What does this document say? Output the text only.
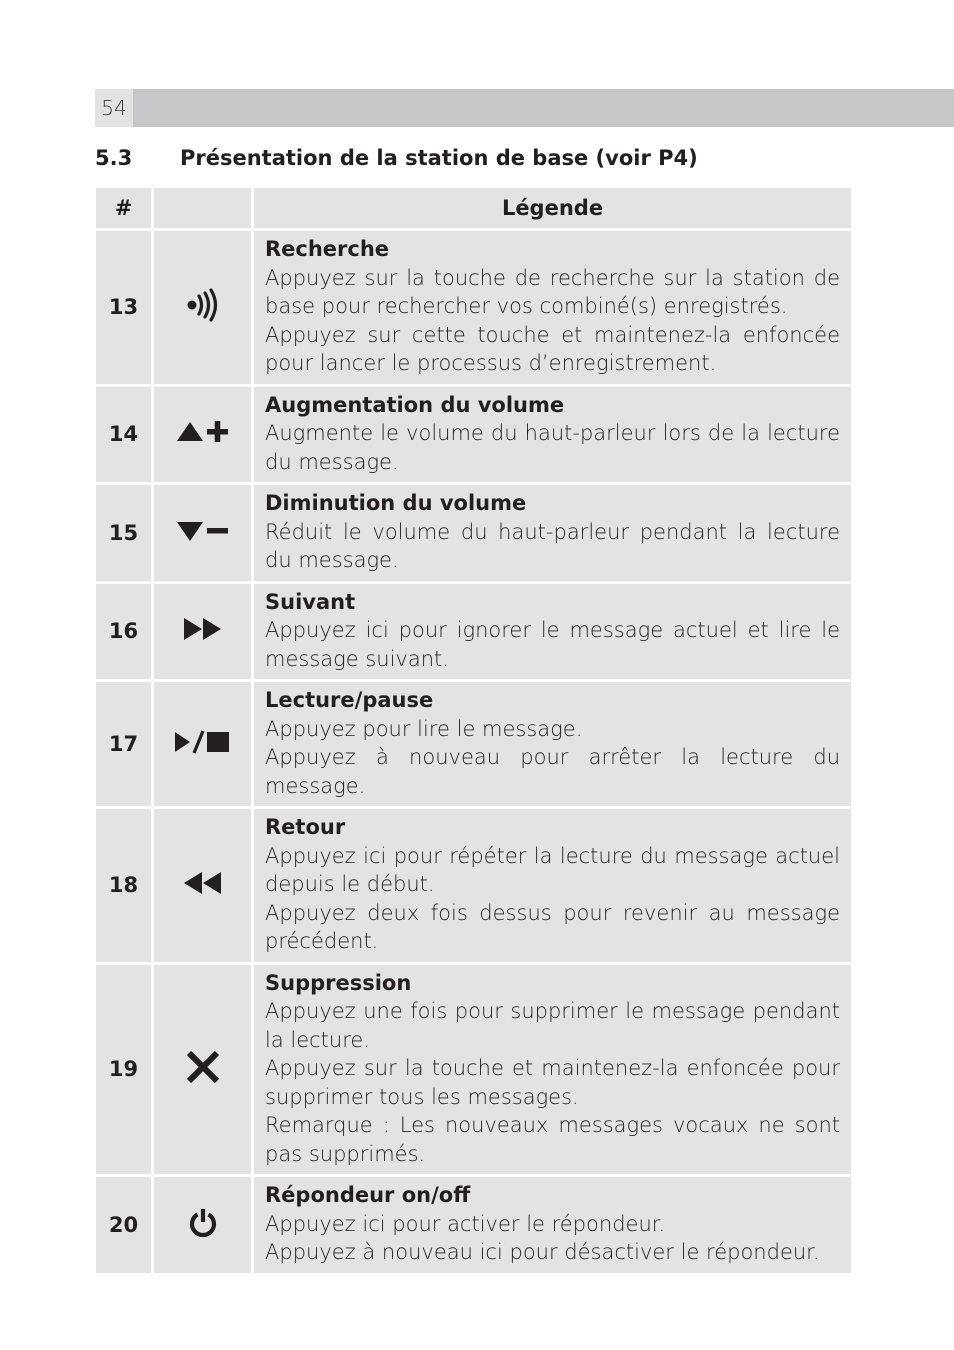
54
5.3 Présentation de la station de base (voir P4)
#		Légende
13		Recherche
Appuyez sur la touche de recherche sur la station de base pour rechercher vos combiné(s) enregistrés.
Appuyez sur cette touche et maintenez-la enfoncée pour lancer le processus d’enregistrement.

14		Augmentation du volume
Augmente le volume du haut-parleur lors de la lecture du message.

15		Diminution du volume
Réduit le volume du haut-parleur pendant la lecture du message.

16		Suivant
Appuyez ici pour ignorer le message actuel et lire le message suivant.

17		Lecture/pause
Appuyez pour lire le message.
Appuyez à nouveau pour arrêter la lecture du message.

18		Retour
Appuyez ici pour répéter la lecture du message actuel depuis le début.
Appuyez deux fois dessus pour revenir au message précédent.

19		Suppression
Appuyez une fois pour supprimer le message pendant la lecture.
Appuyez sur la touche et maintenez-la enfoncée pour supprimer tous les messages.
Remarque : Les nouveaux messages vocaux ne sont pas supprimés.

20		Répondeur on/off
Appuyez ici pour activer le répondeur.
Appuyez à nouveau ici pour désactiver le répondeur.
